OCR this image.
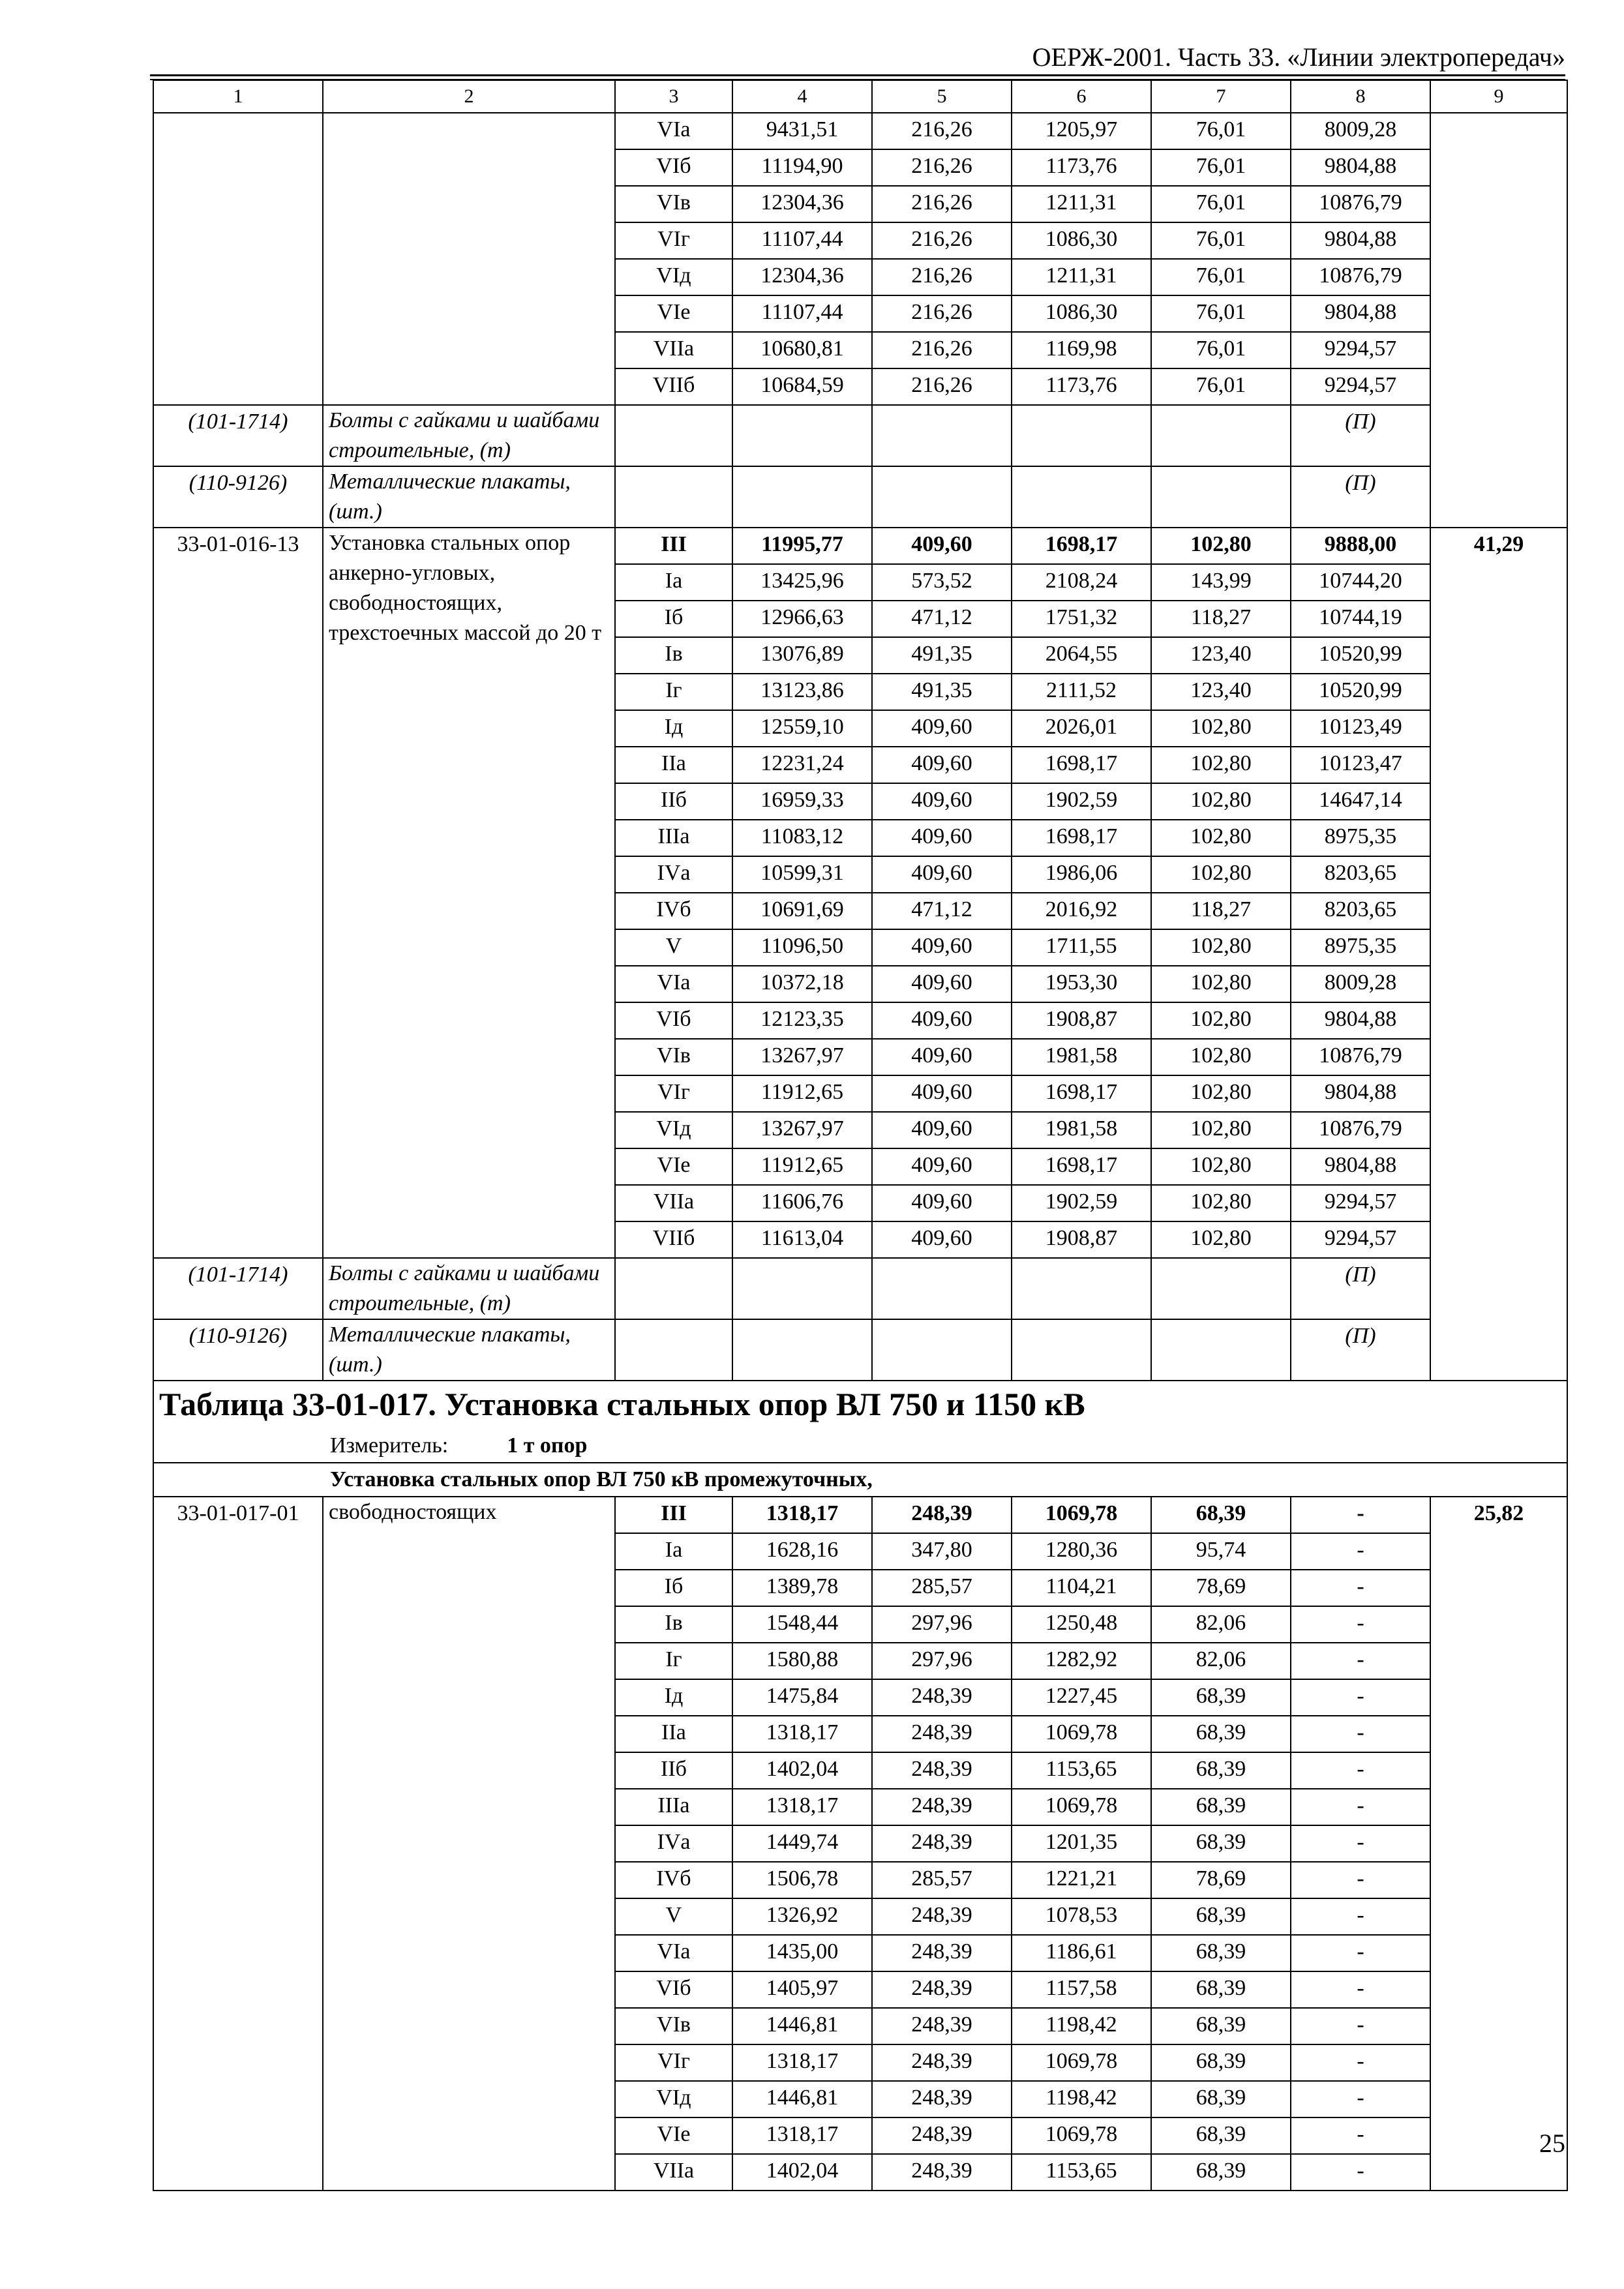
ОЕРЖ-2001. Часть 33. «Линии электропередач»
1	2	3	4	5	6	7	8	9
		VIа	9431,51	216,26	1205,97	76,01	8009,28	
		VIб	11194,90	216,26	1173,76	76,01	9804,88	
		VIв	12304,36	216,26	1211,31	76,01	10876,79	
		VIг	11107,44	216,26	1086,30	76,01	9804,88	
		VIд	12304,36	216,26	1211,31	76,01	10876,79	
		VIе	11107,44	216,26	1086,30	76,01	9804,88	
		VIIа	10680,81	216,26	1169,98	76,01	9294,57	
		VIIб	10684,59	216,26	1173,76	76,01	9294,57	
(101-1714)	Болты с гайками и шайбами строительные, (т)						(П)	
(110-9126)	Металлические плакаты, (шт.)						(П)	
33-01-016-13	Установка стальных опор анкерно-угловых, свободностоящих, трехстоечных массой до 20 т	III	11995,77	409,60	1698,17	102,80	9888,00	41,29
		Iа	13425,96	573,52	2108,24	143,99	10744,20	
		Iб	12966,63	471,12	1751,32	118,27	10744,19	
		Iв	13076,89	491,35	2064,55	123,40	10520,99	
		Iг	13123,86	491,35	2111,52	123,40	10520,99	
		Iд	12559,10	409,60	2026,01	102,80	10123,49	
		IIа	12231,24	409,60	1698,17	102,80	10123,47	
		IIб	16959,33	409,60	1902,59	102,80	14647,14	
		IIIа	11083,12	409,60	1698,17	102,80	8975,35	
		IVа	10599,31	409,60	1986,06	102,80	8203,65	
		IVб	10691,69	471,12	2016,92	118,27	8203,65	
		V	11096,50	409,60	1711,55	102,80	8975,35	
		VIа	10372,18	409,60	1953,30	102,80	8009,28	
		VIб	12123,35	409,60	1908,87	102,80	9804,88	
		VIв	13267,97	409,60	1981,58	102,80	10876,79	
		VIг	11912,65	409,60	1698,17	102,80	9804,88	
		VIд	13267,97	409,60	1981,58	102,80	10876,79	
		VIе	11912,65	409,60	1698,17	102,80	9804,88	
		VIIа	11606,76	409,60	1902,59	102,80	9294,57	
		VIIб	11613,04	409,60	1908,87	102,80	9294,57	
(101-1714)	Болты с гайками и шайбами строительные, (т)						(П)	
(110-9126)	Металлические плакаты, (шт.)						(П)	
Таблица 33-01-017. Установка стальных опор ВЛ 750 и 1150 кВ								
Измеритель: 1 т опор								
Установка стальных опор ВЛ 750 кВ промежуточных,								
33-01-017-01	свободностоящих	III	1318,17	248,39	1069,78	68,39	-	25,82
		Iа	1628,16	347,80	1280,36	95,74	-	
		Iб	1389,78	285,57	1104,21	78,69	-	
		Iв	1548,44	297,96	1250,48	82,06	-	
		Iг	1580,88	297,96	1282,92	82,06	-	
		Iд	1475,84	248,39	1227,45	68,39	-	
		IIа	1318,17	248,39	1069,78	68,39	-	
		IIб	1402,04	248,39	1153,65	68,39	-	
		IIIа	1318,17	248,39	1069,78	68,39	-	
		IVа	1449,74	248,39	1201,35	68,39	-	
		IVб	1506,78	285,57	1221,21	78,69	-	
		V	1326,92	248,39	1078,53	68,39	-	
		VIа	1435,00	248,39	1186,61	68,39	-	
		VIб	1405,97	248,39	1157,58	68,39	-	
		VIв	1446,81	248,39	1198,42	68,39	-	
		VIг	1318,17	248,39	1069,78	68,39	-	
		VIд	1446,81	248,39	1198,42	68,39	-	
		VIе	1318,17	248,39	1069,78	68,39	-	
		VIIа	1402,04	248,39	1153,65	68,39	-	
25
